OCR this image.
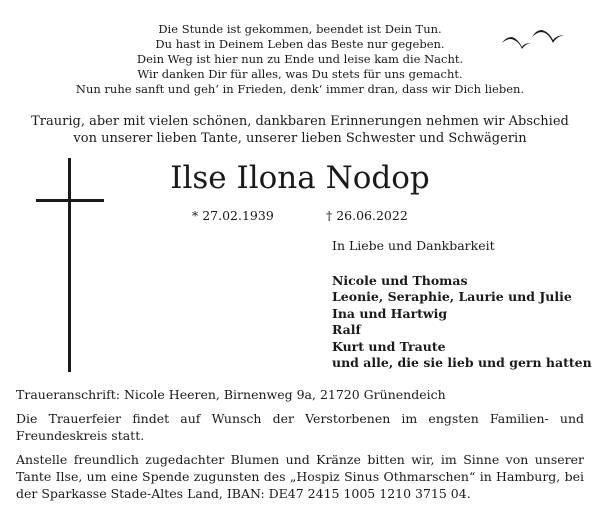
Die Stunde ist gekommen, beendet ist Dein Tun.
Du hast in Deinem Leben das Beste nur gegeben.
Dein Weg ist hier nun zu Ende und leise kam die Nacht.
Wir danken Dir für alles, was Du stets für uns gemacht.
Nun ruhe sanft und geh‘ in Frieden, denk‘ immer dran, dass wir Dich lieben.
Traurig, aber mit vielen schönen, dankbaren Erinnerungen nehmen wir Abschied
von unserer lieben Tante, unserer lieben Schwester und Schwägerin
Ilse Ilona Nodop
* 27.02.1939	† 26.06.2022
In Liebe und Dankbarkeit
Nicole und Thomas
Leonie, Seraphie, Laurie und Julie
Ina und Hartwig
Ralf
Kurt und Traute
und alle, die sie lieb und gern hatten
Traueranschrift: Nicole Heeren, Birnenweg 9a, 21720 Grünendeich
Die Trauerfeier findet auf Wunsch der Verstorbenen im engsten Familien- und Freundeskreis statt.
Anstelle freundlich zugedachter Blumen und Kränze bitten wir, im Sinne von unserer Tante Ilse, um eine Spende zugunsten des „Hospiz Sinus Othmarschen“ in Hamburg, bei der Sparkasse Stade-Altes Land, IBAN: DE47 2415 1005 1210 3715 04.
